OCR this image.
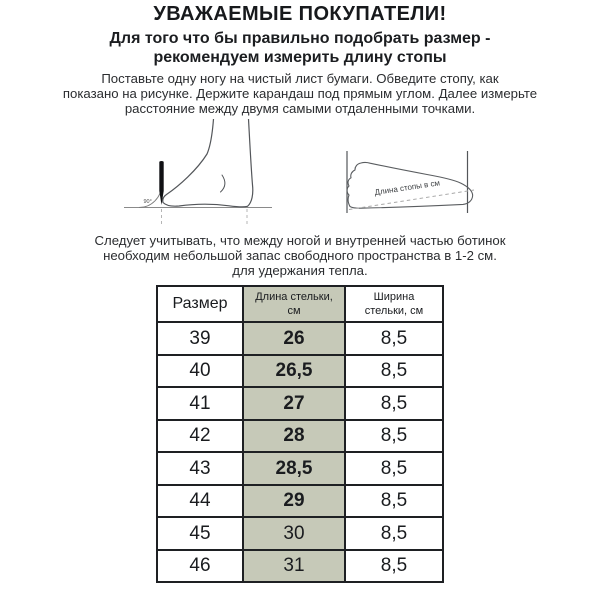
УВАЖАЕМЫЕ ПОКУПАТЕЛИ!
Для того что бы правильно подобрать размер -
рекомендуем измерить длину стопы
Поставьте одну ногу на чистый лист бумаги. Обведите стопу, как
показано на рисунке. Держите карандаш под прямым углом. Далее измерьте
расстояние между двумя самыми отдаленными точками.
90°
Длина стопы в см
Следует учитывать, что между ногой и внутренней частью ботинок
необходим небольшой запас свободного пространства в 1-2 см.
для удержания тепла.
Размер	Длина стельки, см	Ширина стельки, см
39	26	8,5
40	26,5	8,5
41	27	8,5
42	28	8,5
43	28,5	8,5
44	29	8,5
45	30	8,5
46	31	8,5
